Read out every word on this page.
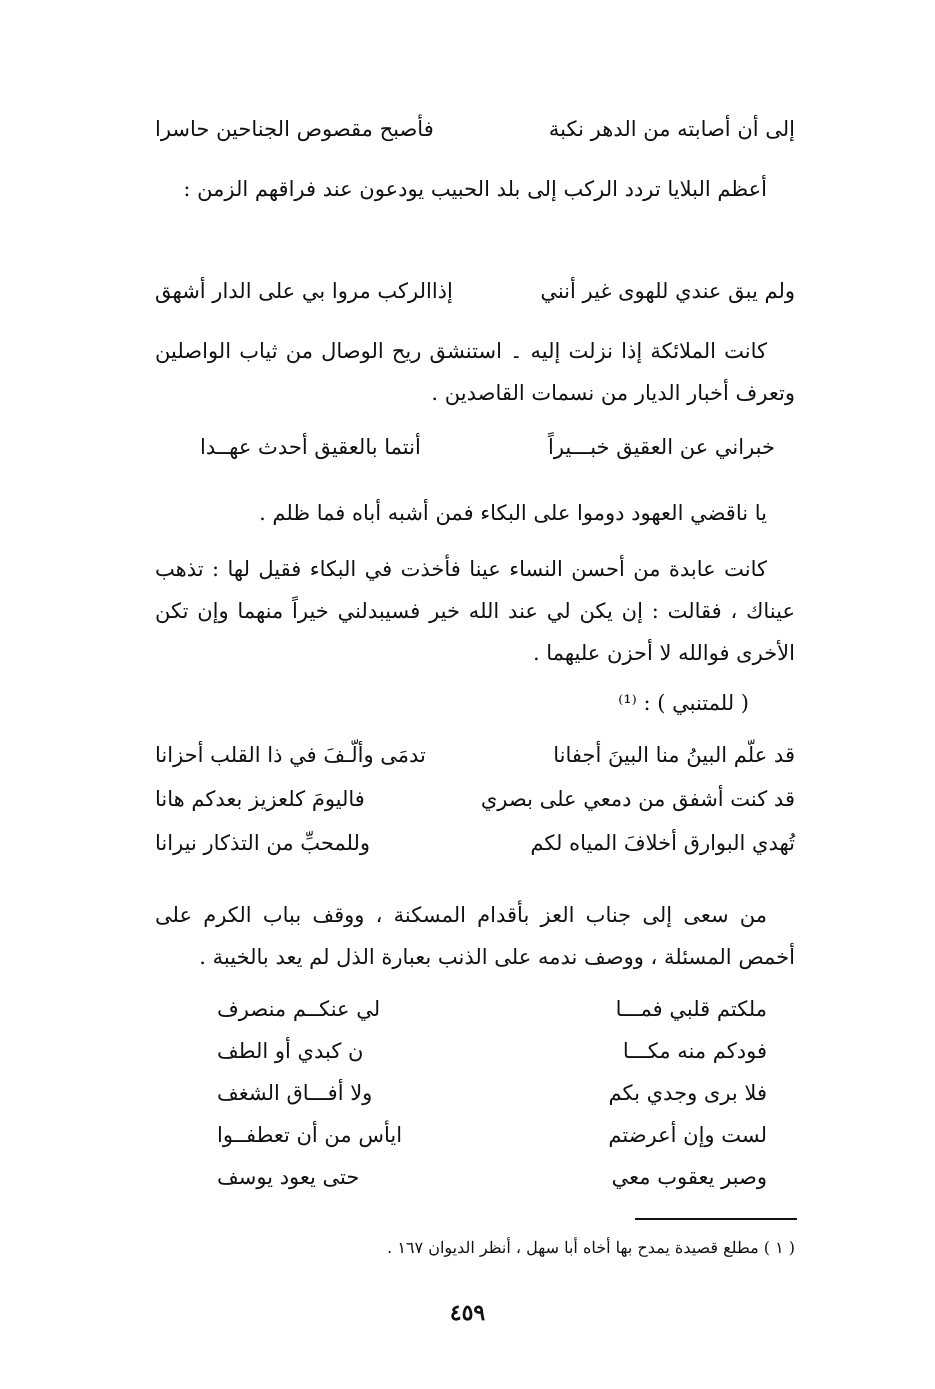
إلى أن أصابته من الدهر نكبة
فأصبح مقصوص الجناحين حاسرا

أعظم البلايا تردد الركب إلى بلد الحبيب يودعون عند فراقهم الزمن :

ولم يبق عندي للهوى غير أنني
إذاالركب مروا بي على الدار أشهق

كانت الملائكة إذا نزلت إليه ۔ استنشق ريح الوصال من ثياب الواصلين وتعرف أخبار الديار من نسمات القاصدين .

خبراني عن العقيق خبـــيراً
أنتما بالعقيق أحدث عهــدا
يا ناقضي العهود دوموا على البكاء فمن أشبه أباه فما ظلم .

كانت عابدة من أحسن النساء عينا فأخذت في البكاء فقيل لها : تذهب عيناك ، فقالت : إن يكن لي عند الله خير فسيبدلني خيراً منهما وإن تكن الأخرى فوالله لا أحزن عليهما .

( للمتنبي ) : ⁽¹⁾
قد علّم البينُ منا البينَ أجفانا
تدمَى وألّـفَ في ذا القلب أحزانا
قد كنت أشفق من دمعي على بصري
فاليومَ كلعزيز بعدكم هانا
تُهدي البوارق أخلافَ المياه لكم
وللمحبِّ من التذكار نيرانا

من سعى إلى جناب العز بأقدام المسكنة ، ووقف بباب الكرم على أخمص المسئلة ، ووصف ندمه على الذنب بعبارة الذل لم يعد بالخيبة .

ملكتم قلبي فمـــا
لي عنكــم منصرف
فودكم منه مكـــا
ن كبدي أو الطف
فلا برى وجدي بكم
ولا أفـــاق الشغف
لست وإن أعرضتم
ايأس من أن تعطفــوا
وصبر يعقوب معي
حتى يعود يوسف
( ١ ) مطلع قصيدة يمدح بها أخاه أبا سهل ، أنظر الديوان ١٦٧ .
٤٥٩
